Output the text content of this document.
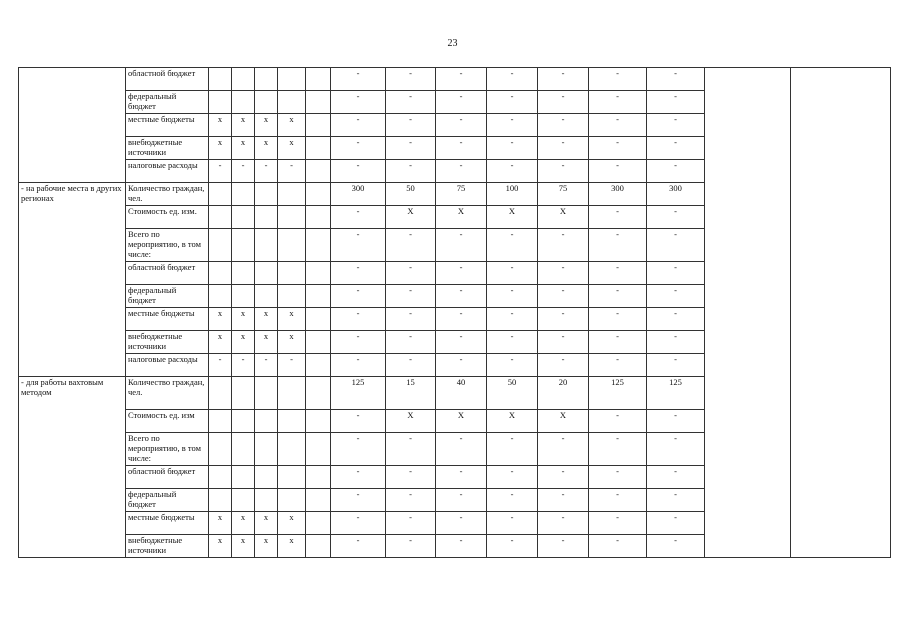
23
	областной бюджет						-	-	-	-	-	-	-		
	федеральный бюджет						-	-	-	-	-	-	-		
	местные бюджеты	x	x	x	x		-	-	-	-	-	-	-		
	внебюджетные источники	x	x	x	x		-	-	-	-	-	-	-		
	налоговые расходы	-	-	-	-		-	-	-	-	-	-	-		
- на рабочие места в других регионах	Количество граждан, чел.						300	50	75	100	75	300	300		
	Стоимость ед. изм.						-	X	X	X	X	-	-		
	Всего по мероприятию, в том числе:						-	-	-	-	-	-	-		
	областной бюджет						-	-	-	-	-	-	-		
	федеральный бюджет						-	-	-	-	-	-	-		
	местные бюджеты	x	x	x	x		-	-	-	-	-	-	-		
	внебюджетные источники	x	x	x	x		-	-	-	-	-	-	-		
	налоговые расходы	-	-	-	-		-	-	-	-	-	-	-		
- для работы вахтовым методом	Количество граждан, чел.						125	15	40	50	20	125	125		
	Стоимость ед. изм						-	X	X	X	X	-	-		
	Всего по мероприятию, в том числе:						-	-	-	-	-	-	-		
	областной бюджет						-	-	-	-	-	-	-		
	федеральный бюджет						-	-	-	-	-	-	-		
	местные бюджеты	x	x	x	x		-	-	-	-	-	-	-		
	внебюджетные источники	x	x	x	x		-	-	-	-	-	-	-		
